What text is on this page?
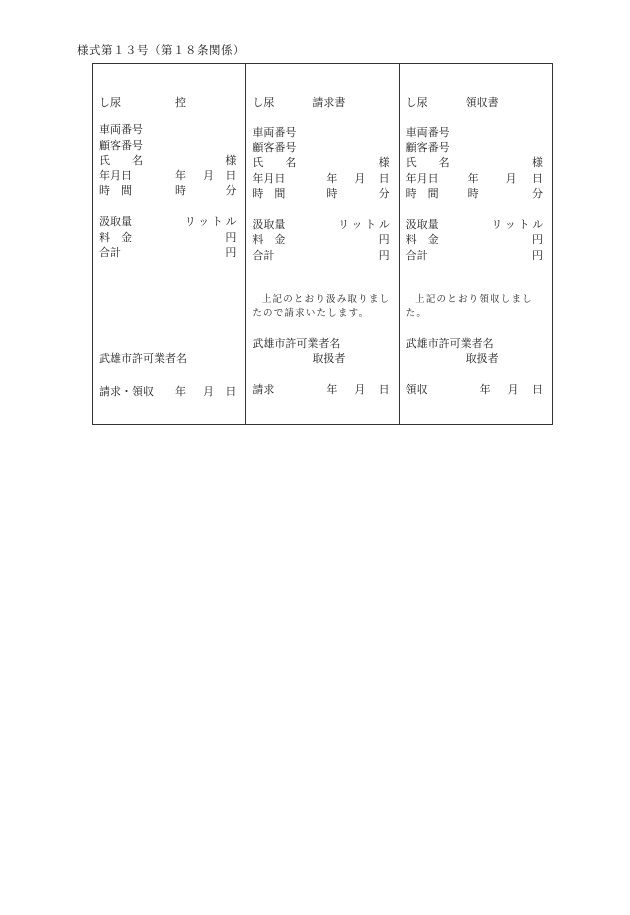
様式第１３号（第１８条関係）
し尿	控
車両番号
顧客番号
氏　　名	様
年月日	年 月 日
時　間	時	分
汲取量	リットル
料　金	円
合計	円
武雄市許可業者名
請求・領収 年 月 日
し尿	請求書
車両番号
顧客番号
氏　　名	様
年月日	年 月 日
時　間	時	分
汲取量	リットル
料　金	円
合計	円
上記のとおり汲み取りましたので請求いたします。
武雄市許可業者名
取扱者
請求	年 月 日
し尿	領収書
車両番号
顧客番号
氏　　名	様
年月日	年 月 日
時　間	時	分
汲取量	リットル
料　金	円
合計	円
上記のとおり領収しました。
武雄市許可業者名
取扱者
領収	年 月 日
